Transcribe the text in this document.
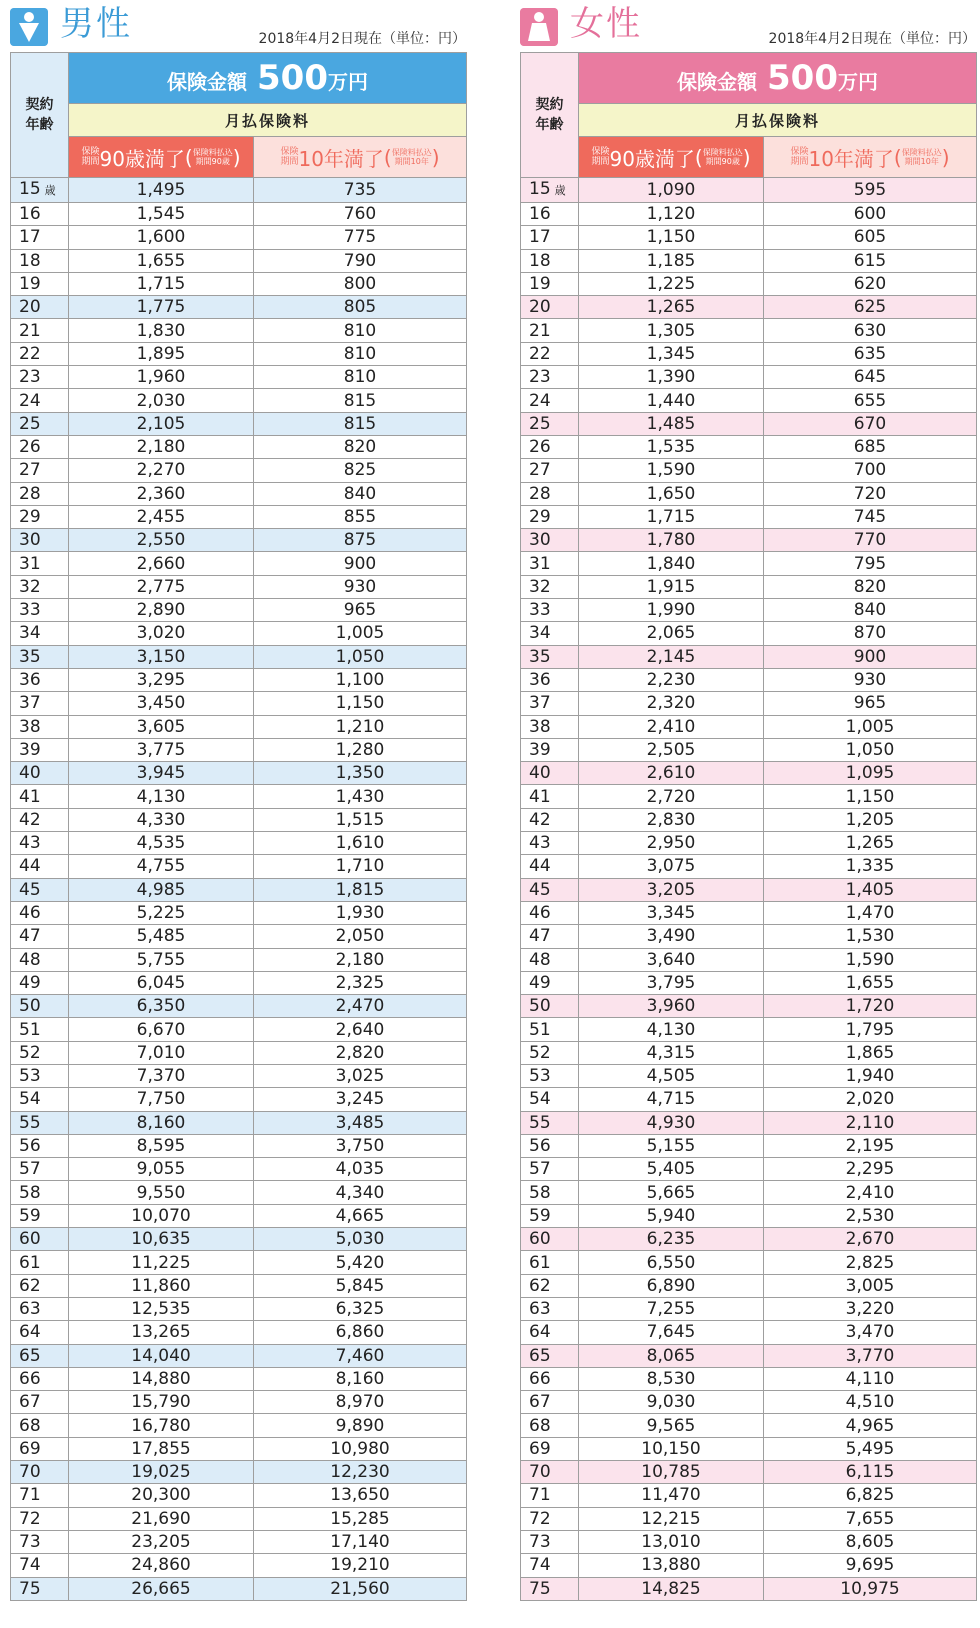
男性	2018年4月2日現在（単位：円）
契約
年齢	保険金額 500万円	
	月払保険料	
	保険
期間90歳満了(保険料払込
期間90歳 )	保険
期間10年満了(保険料払込
期間10年 )
15 歳	1,495	735
16	1,545	760
17	1,600	775
18	1,655	790
19	1,715	800
20	1,775	805
21	1,830	810
22	1,895	810
23	1,960	810
24	2,030	815
25	2,105	815
26	2,180	820
27	2,270	825
28	2,360	840
29	2,455	855
30	2,550	875
31	2,660	900
32	2,775	930
33	2,890	965
34	3,020	1,005
35	3,150	1,050
36	3,295	1,100
37	3,450	1,150
38	3,605	1,210
39	3,775	1,280
40	3,945	1,350
41	4,130	1,430
42	4,330	1,515
43	4,535	1,610
44	4,755	1,710
45	4,985	1,815
46	5,225	1,930
47	5,485	2,050
48	5,755	2,180
49	6,045	2,325
50	6,350	2,470
51	6,670	2,640
52	7,010	2,820
53	7,370	3,025
54	7,750	3,245
55	8,160	3,485
56	8,595	3,750
57	9,055	4,035
58	9,550	4,340
59	10,070	4,665
60	10,635	5,030
61	11,225	5,420
62	11,860	5,845
63	12,535	6,325
64	13,265	6,860
65	14,040	7,460
66	14,880	8,160
67	15,790	8,970
68	16,780	9,890
69	17,855	10,980
70	19,025	12,230
71	20,300	13,650
72	21,690	15,285
73	23,205	17,140
74	24,860	19,210
75	26,665	21,560
女性	2018年4月2日現在（単位：円）
契約
年齢	保険金額 500万円	
	月払保険料	
	保険
期間90歳満了(保険料払込
期間90歳 )	保険
期間10年満了(保険料払込
期間10年 )
15 歳	1,090	595
16	1,120	600
17	1,150	605
18	1,185	615
19	1,225	620
20	1,265	625
21	1,305	630
22	1,345	635
23	1,390	645
24	1,440	655
25	1,485	670
26	1,535	685
27	1,590	700
28	1,650	720
29	1,715	745
30	1,780	770
31	1,840	795
32	1,915	820
33	1,990	840
34	2,065	870
35	2,145	900
36	2,230	930
37	2,320	965
38	2,410	1,005
39	2,505	1,050
40	2,610	1,095
41	2,720	1,150
42	2,830	1,205
43	2,950	1,265
44	3,075	1,335
45	3,205	1,405
46	3,345	1,470
47	3,490	1,530
48	3,640	1,590
49	3,795	1,655
50	3,960	1,720
51	4,130	1,795
52	4,315	1,865
53	4,505	1,940
54	4,715	2,020
55	4,930	2,110
56	5,155	2,195
57	5,405	2,295
58	5,665	2,410
59	5,940	2,530
60	6,235	2,670
61	6,550	2,825
62	6,890	3,005
63	7,255	3,220
64	7,645	3,470
65	8,065	3,770
66	8,530	4,110
67	9,030	4,510
68	9,565	4,965
69	10,150	5,495
70	10,785	6,115
71	11,470	6,825
72	12,215	7,655
73	13,010	8,605
74	13,880	9,695
75	14,825	10,975
